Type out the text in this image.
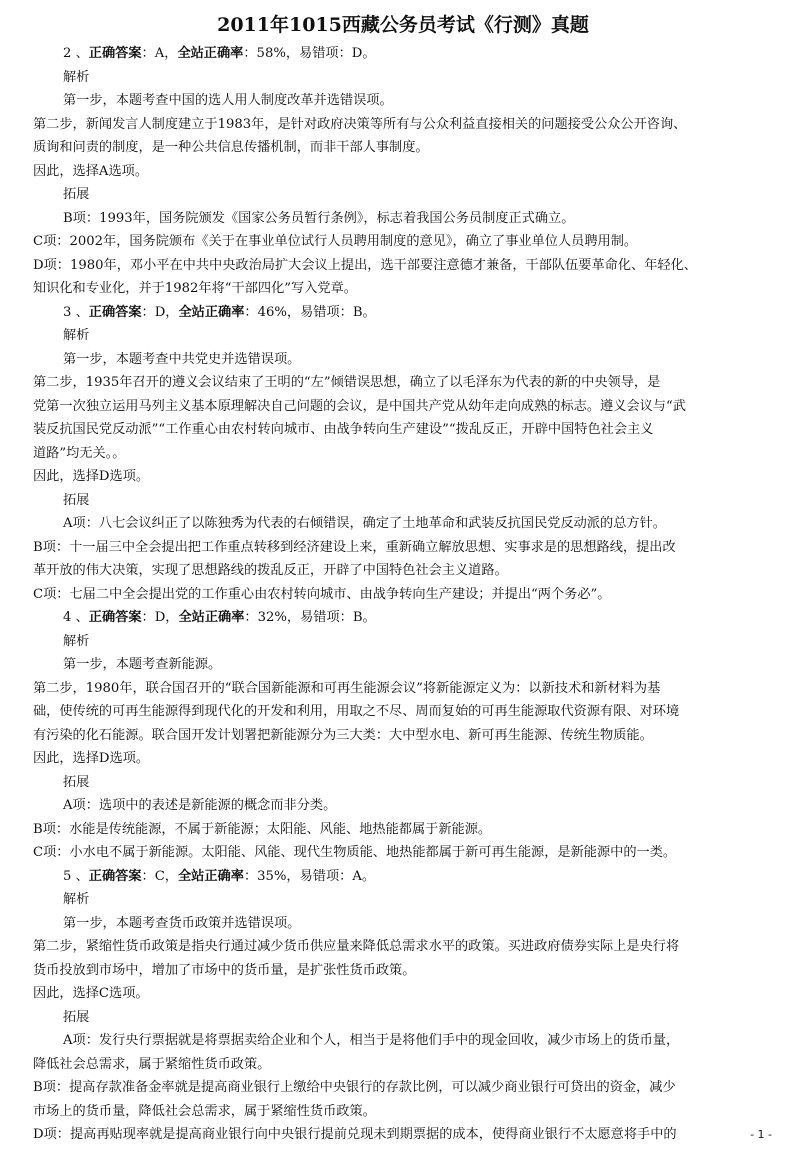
2011年1015西藏公务员考试《行测》真题

2 、正确答案：A，全站正确率：58%，易错项：D。

解析

第一步，本题考查中国的选人用人制度改革并选错误项。

第二步，新闻发言人制度建立于1983年，是针对政府决策等所有与公众利益直接相关的问题接受公众公开咨询、

质询和问责的制度，是一种公共信息传播机制，而非干部人事制度。

因此，选择A选项。

拓展

B项：1993年，国务院颁发《国家公务员暂行条例》，标志着我国公务员制度正式确立。

C项：2002年，国务院颁布《关于在事业单位试行人员聘用制度的意见》，确立了事业单位人员聘用制。

D项：1980年，邓小平在中共中央政治局扩大会议上提出，选干部要注意德才兼备，干部队伍要革命化、年轻化、

知识化和专业化，并于1982年将“干部四化”写入党章。

3 、正确答案：D，全站正确率：46%，易错项：B。

解析

第一步，本题考查中共党史并选错误项。

第二步，1935年召开的遵义会议结束了王明的“左”倾错误思想，确立了以毛泽东为代表的新的中央领导，是

党第一次独立运用马列主义基本原理解决自己问题的会议，是中国共产党从幼年走向成熟的标志。遵义会议与“武

装反抗国民党反动派”“工作重心由农村转向城市、由战争转向生产建设”“拨乱反正，开辟中国特色社会主义

道路”均无关。。

因此，选择D选项。

拓展

A项：八七会议纠正了以陈独秀为代表的右倾错误，确定了土地革命和武装反抗国民党反动派的总方针。

B项：十一届三中全会提出把工作重点转移到经济建设上来，重新确立解放思想、实事求是的思想路线，提出改

革开放的伟大决策，实现了思想路线的拨乱反正，开辟了中国特色社会主义道路。

C项：七届二中全会提出党的工作重心由农村转向城市、由战争转向生产建设；并提出“两个务必”。

4 、正确答案：D，全站正确率：32%，易错项：B。

解析

第一步，本题考查新能源。

第二步，1980年，联合国召开的“联合国新能源和可再生能源会议”将新能源定义为：以新技术和新材料为基

础，使传统的可再生能源得到现代化的开发和利用，用取之不尽、周而复始的可再生能源取代资源有限、对环境

有污染的化石能源。联合国开发计划署把新能源分为三大类：大中型水电、新可再生能源、传统生物质能。

因此，选择D选项。

拓展

A项：选项中的表述是新能源的概念而非分类。

B项：水能是传统能源，不属于新能源；太阳能、风能、地热能都属于新能源。

C项：小水电不属于新能源。太阳能、风能、现代生物质能、地热能都属于新可再生能源，是新能源中的一类。

5 、正确答案：C，全站正确率：35%，易错项：A。

解析

第一步，本题考查货币政策并选错误项。

第二步，紧缩性货币政策是指央行通过减少货币供应量来降低总需求水平的政策。买进政府债券实际上是央行将

货币投放到市场中，增加了市场中的货币量，是扩张性货币政策。

因此，选择C选项。

拓展

A项：发行央行票据就是将票据卖给企业和个人，相当于是将他们手中的现金回收，减少市场上的货币量，

降低社会总需求，属于紧缩性货币政策。

B项：提高存款准备金率就是提高商业银行上缴给中央银行的存款比例，可以减少商业银行可贷出的资金，减少

市场上的货币量，降低社会总需求，属于紧缩性货币政策。

D项：提高再贴现率就是提高商业银行向中央银行提前兑现未到期票据的成本，使得商业银行不太愿意将手中的	- 1 -
